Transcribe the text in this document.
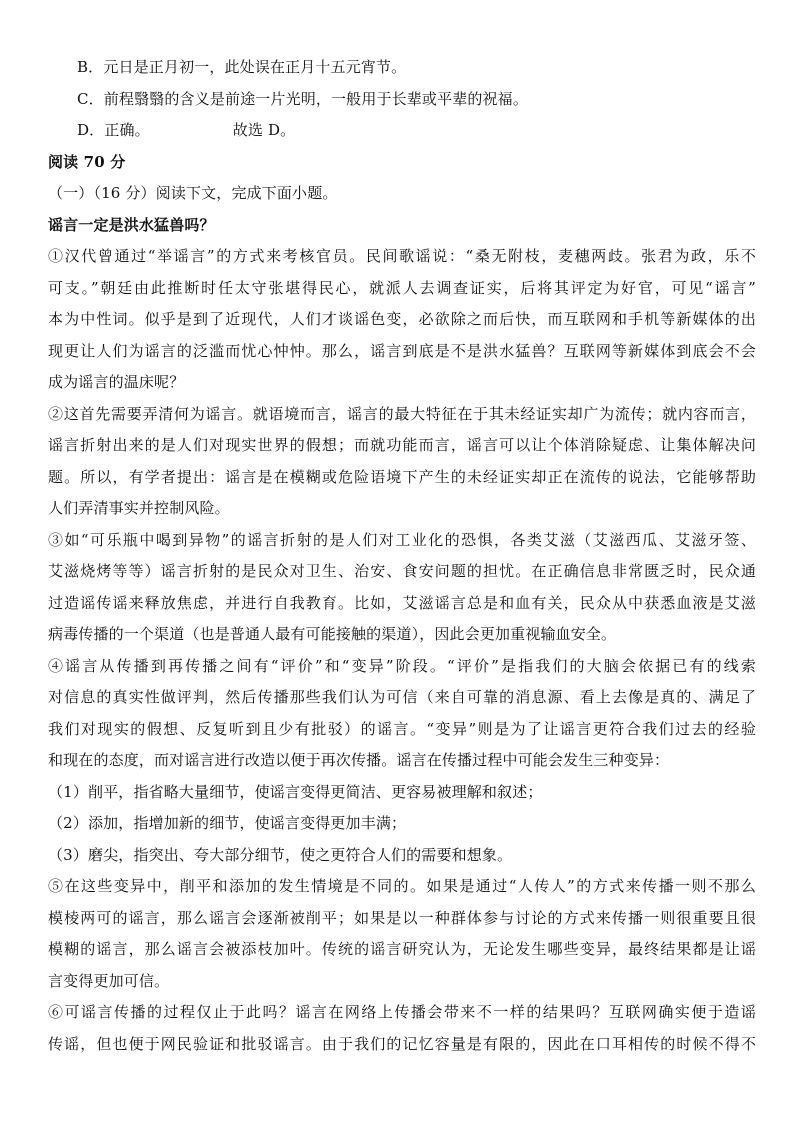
B．元日是正月初一，此处误在正月十五元宵节。
C．前程翳翳的含义是前途一片光明，一般用于长辈或平辈的祝福。
D．正确。	故选 D。
阅读 70 分
（一）（16 分）阅读下文，完成下面小题。
谣言一定是洪水猛兽吗？
①汉代曾通过“举谣言”的方式来考核官员。民间歌谣说：“桑无附枝，麦穗两歧。张君为政，乐不
可支。”朝廷由此推断时任太守张堪得民心，就派人去调查证实，后将其评定为好官，可见“谣言”
本为中性词。似乎是到了近现代，人们才谈谣色变，必欲除之而后快，而互联网和手机等新媒体的出
现更让人们为谣言的泛滥而忧心忡忡。那么，谣言到底是不是洪水猛兽？互联网等新媒体到底会不会
成为谣言的温床呢？
②这首先需要弄清何为谣言。就语境而言，谣言的最大特征在于其未经证实却广为流传；就内容而言，
谣言折射出来的是人们对现实世界的假想；而就功能而言，谣言可以让个体消除疑虑、让集体解决问
题。所以，有学者提出：谣言是在模糊或危险语境下产生的未经证实却正在流传的说法，它能够帮助
人们弄清事实并控制风险。
③如“可乐瓶中喝到异物”的谣言折射的是人们对工业化的恐惧，各类艾滋（艾滋西瓜、艾滋牙签、
艾滋烧烤等等）谣言折射的是民众对卫生、治安、食安问题的担忧。在正确信息非常匮乏时，民众通
过造谣传谣来释放焦虑，并进行自我教育。比如，艾滋谣言总是和血有关，民众从中获悉血液是艾滋
病毒传播的一个渠道（也是普通人最有可能接触的渠道），因此会更加重视输血安全。
④谣言从传播到再传播之间有“评价”和“变异”阶段。“评价”是指我们的大脑会依据已有的线索
对信息的真实性做评判，然后传播那些我们认为可信（来自可靠的消息源、看上去像是真的、满足了
我们对现实的假想、反复听到且少有批驳）的谣言。“变异”则是为了让谣言更符合我们过去的经验
和现在的态度，而对谣言进行改造以便于再次传播。谣言在传播过程中可能会发生三种变异：
（1）削平，指省略大量细节，使谣言变得更简洁、更容易被理解和叙述；
（2）添加，指增加新的细节，使谣言变得更加丰满；
（3）磨尖，指突出、夸大部分细节，使之更符合人们的需要和想象。
⑤在这些变异中，削平和添加的发生情境是不同的。如果是通过“人传人”的方式来传播一则不那么
模棱两可的谣言，那么谣言会逐渐被削平；如果是以一种群体参与讨论的方式来传播一则很重要且很
模糊的谣言，那么谣言会被添枝加叶。传统的谣言研究认为，无论发生哪些变异，最终结果都是让谣
言变得更加可信。
⑥可谣言传播的过程仅止于此吗？谣言在网络上传播会带来不一样的结果吗？互联网确实便于造谣
传谣，但也便于网民验证和批驳谣言。由于我们的记忆容量是有限的，因此在口耳相传的时候不得不
